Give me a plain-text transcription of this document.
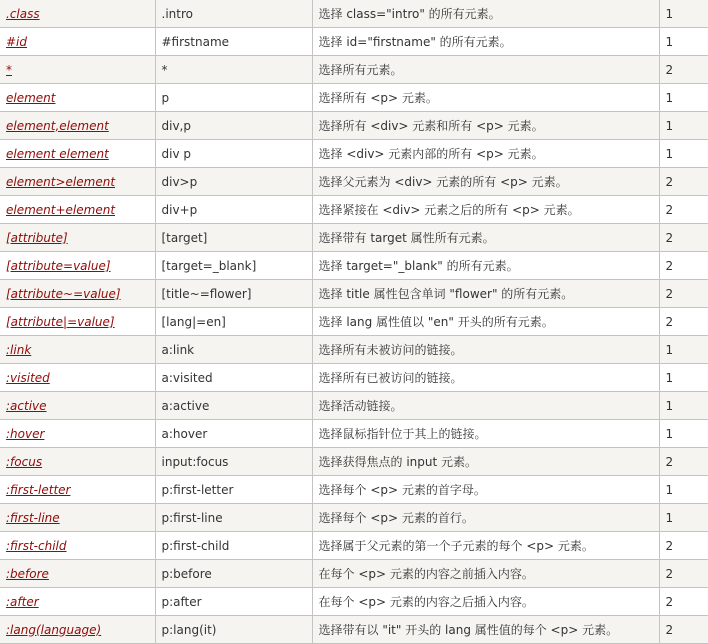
.class	.intro	选择 class="intro" 的所有元素。	1
#id	#firstname	选择 id="firstname" 的所有元素。	1
*	*	选择所有元素。	2
element	p	选择所有 <p> 元素。	1
element,element	div,p	选择所有 <div> 元素和所有 <p> 元素。	1
element element	div p	选择 <div> 元素内部的所有 <p> 元素。	1
element>element	div>p	选择父元素为 <div> 元素的所有 <p> 元素。	2
element+element	div+p	选择紧接在 <div> 元素之后的所有 <p> 元素。	2
[attribute]	[target]	选择带有 target 属性所有元素。	2
[attribute=value]	[target=_blank]	选择 target="_blank" 的所有元素。	2
[attribute~=value]	[title~=flower]	选择 title 属性包含单词 "flower" 的所有元素。	2
[attribute|=value]	[lang|=en]	选择 lang 属性值以 "en" 开头的所有元素。	2
:link	a:link	选择所有未被访问的链接。	1
:visited	a:visited	选择所有已被访问的链接。	1
:active	a:active	选择活动链接。	1
:hover	a:hover	选择鼠标指针位于其上的链接。	1
:focus	input:focus	选择获得焦点的 input 元素。	2
:first-letter	p:first-letter	选择每个 <p> 元素的首字母。	1
:first-line	p:first-line	选择每个 <p> 元素的首行。	1
:first-child	p:first-child	选择属于父元素的第一个子元素的每个 <p> 元素。	2
:before	p:before	在每个 <p> 元素的内容之前插入内容。	2
:after	p:after	在每个 <p> 元素的内容之后插入内容。	2
:lang(language)	p:lang(it)	选择带有以 "it" 开头的 lang 属性值的每个 <p> 元素。	2
